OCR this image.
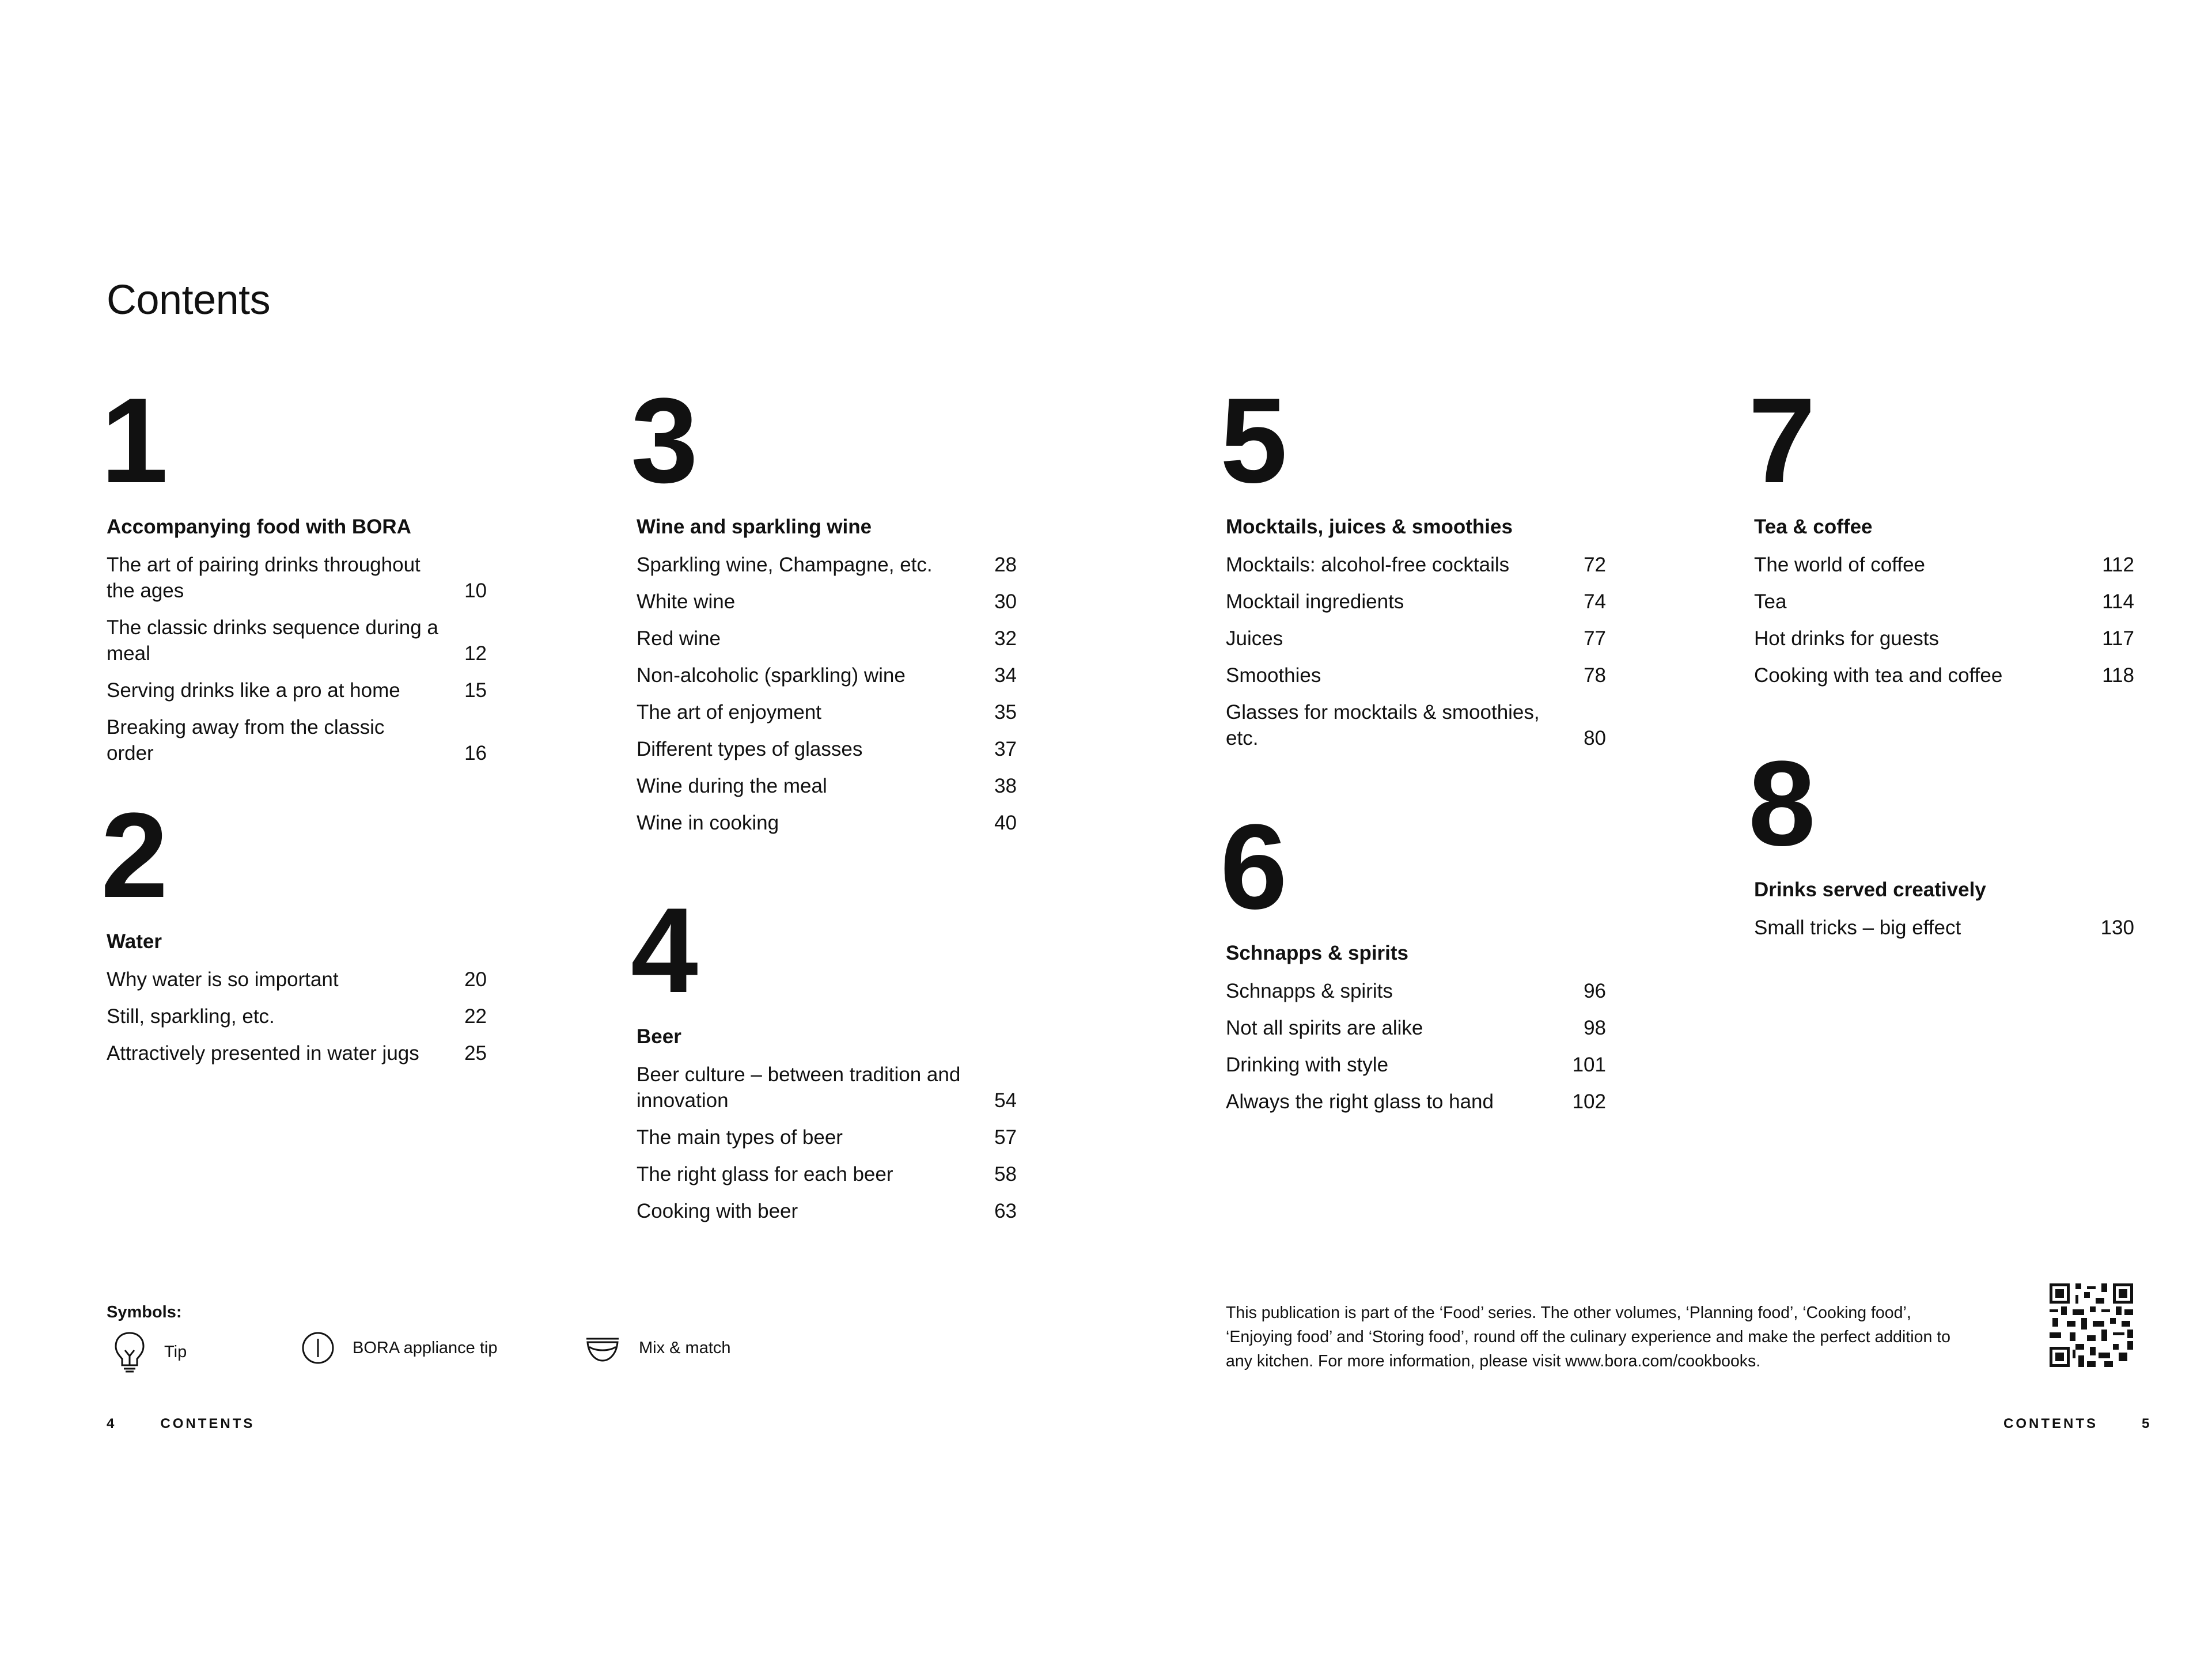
Contents
1
Accompanying food with BORA
The art of pairing drinks throughout the ages	10
The classic drinks sequence during a meal	12
Serving drinks like a pro at home	15
Breaking away from the classic order	16
2
Water
Why water is so important	20
Still, sparkling, etc.	22
Attractively presented in water jugs	25
3
Wine and sparkling wine
Sparkling wine, Champagne, etc.	28
White wine	30
Red wine	32
Non-alcoholic (sparkling) wine	34
The art of enjoyment	35
Different types of glasses	37
Wine during the meal	38
Wine in cooking	40
4
Beer
Beer culture – between tradition and innovation	54
The main types of beer	57
The right glass for each beer	58
Cooking with beer	63
5
Mocktails, juices & smoothies
Mocktails: alcohol-free cocktails	72
Mocktail ingredients	74
Juices	77
Smoothies	78
Glasses for mocktails & smoothies, etc.	80
6
Schnapps & spirits
Schnapps & spirits	96
Not all spirits are alike	98
Drinking with style	101
Always the right glass to hand	102
7
Tea & coffee
The world of coffee	112
Tea	114
Hot drinks for guests	117
Cooking with tea and coffee	118
8
Drinks served creatively
Small tricks – big effect	130
Symbols:
Tip	BORA appliance tip	Mix & match

This publication is part of the ‘Food’ series. The other volumes, ‘Planning food’, ‘Cooking food’, ‘Enjoying food’ and ‘Storing food’, round off the culinary experience and make the perfect addition to any kitchen. For more information, please visit www.bora.com/cookbooks.

4	CONTENTS	CONTENTS	5
